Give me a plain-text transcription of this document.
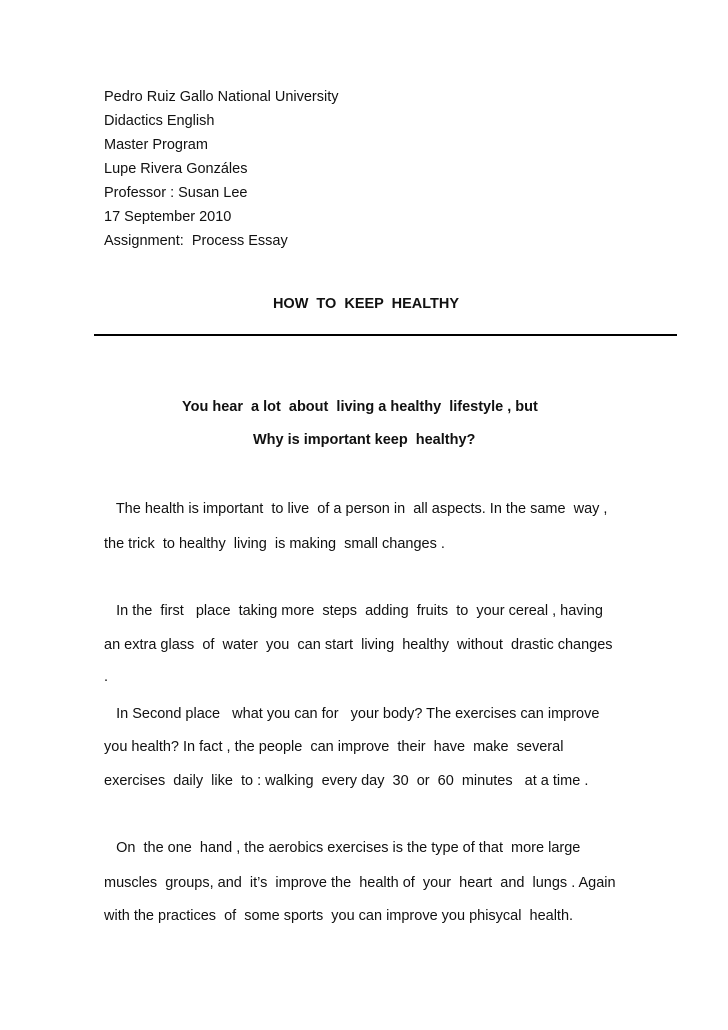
Pedro Ruiz Gallo National University
Didactics English
Master Program
Lupe Rivera Gonzáles
Professor : Susan Lee
17 September 2010
Assignment:  Process Essay
HOW  TO  KEEP  HEALTHY
You hear  a lot  about  living a healthy  lifestyle , but
Why is important keep  healthy?
The health is important  to live  of a person in  all aspects. In the same  way ,
the trick  to healthy  living  is making  small changes .
In the  first   place  taking more  steps  adding  fruits  to  your cereal , having
an extra glass  of  water  you  can start  living  healthy  without  drastic changes
.
In Second place   what you can for   your body? The exercises can improve
you health? In fact , the people  can improve  their  have  make  several
exercises  daily  like  to : walking  every day  30  or  60  minutes   at a time .
On  the one  hand , the aerobics exercises is the type of that  more large
muscles  groups, and  it’s  improve the  health of  your  heart  and  lungs . Again
with the practices  of  some sports  you can improve you phisycal  health.
